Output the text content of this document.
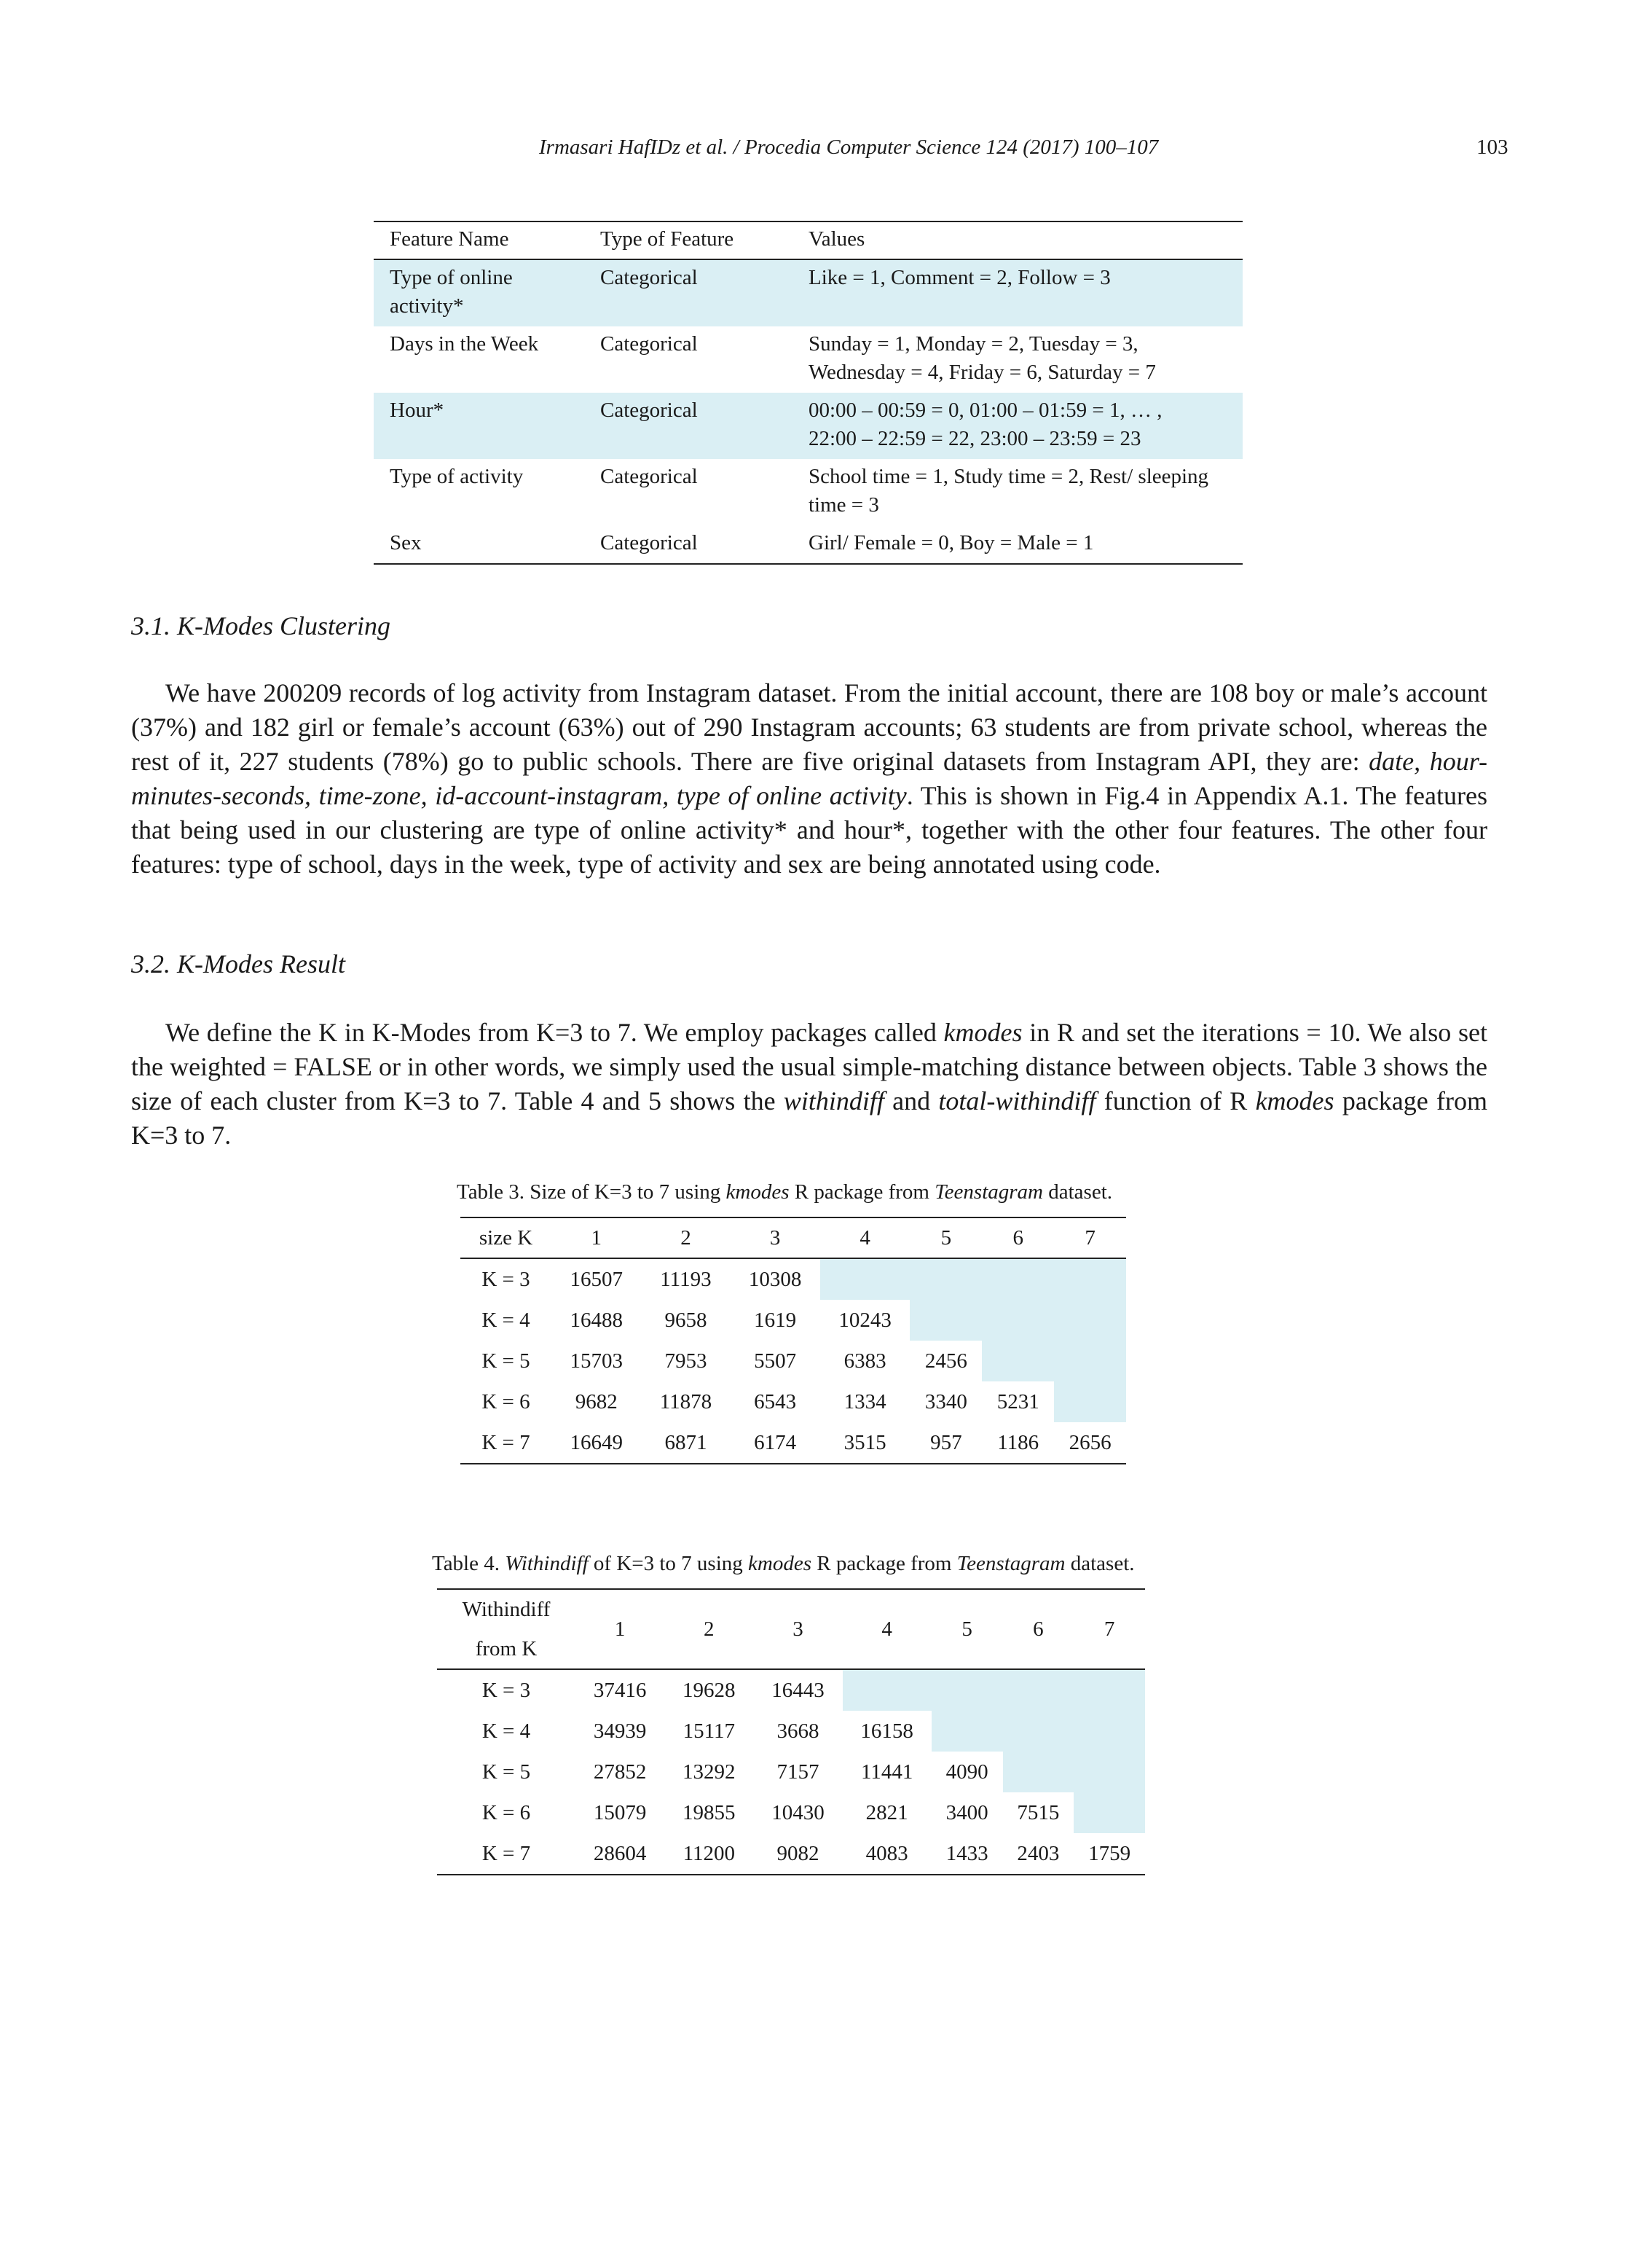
Irmasari HafIDz et al. / Procedia Computer Science 124 (2017) 100–107	103
Feature Name	Type of Feature	Values
Type of online activity*	Categorical	Like = 1, Comment = 2, Follow = 3
Days in the Week	Categorical	Sunday = 1, Monday = 2, Tuesday = 3,
Wednesday = 4, Friday = 6, Saturday = 7
Hour*	Categorical	00:00 – 00:59 = 0, 01:00 – 01:59 = 1, … ,
22:00 – 22:59 = 22, 23:00 – 23:59 = 23
Type of activity	Categorical	School time = 1, Study time = 2, Rest/ sleeping
time = 3
Sex	Categorical	Girl/ Female = 0, Boy = Male = 1
3.1. K-Modes Clustering

We have 200209 records of log activity from Instagram dataset. From the initial account, there are 108 boy or male’s account (37%) and 182 girl or female’s account (63%) out of 290 Instagram accounts; 63 students are from private school, whereas the rest of it, 227 students (78%) go to public schools. There are five original datasets from Instagram API, they are: date, hour-minutes-seconds, time-zone, id-account-instagram, type of online activity. This is shown in Fig.4 in Appendix A.1. The features that being used in our clustering are type of online activity* and hour*, together with the other four features. The other four features: type of school, days in the week, type of activity and sex are being annotated using code.

3.2. K-Modes Result

We define the K in K-Modes from K=3 to 7. We employ packages called kmodes in R and set the iterations = 10. We also set the weighted = FALSE or in other words, we simply used the usual simple-matching distance between objects. Table 3 shows the size of each cluster from K=3 to 7. Table 4 and 5 shows the withindiff and total-withindiff function of R kmodes package from K=3 to 7.

Table 3. Size of K=3 to 7 using kmodes R package from Teenstagram dataset.
size K	1	2	3	4	5	6	7
K = 3	16507	11193	10308				
K = 4	16488	9658	1619	10243			
K = 5	15703	7953	5507	6383	2456		
K = 6	9682	11878	6543	1334	3340	5231	
K = 7	16649	6871	6174	3515	957	1186	2656
Table 4. Withindiff of K=3 to 7 using kmodes R package from Teenstagram dataset.
Withindiff
from K	1	2	3	4	5	6	7
K = 3	37416	19628	16443				
K = 4	34939	15117	3668	16158			
K = 5	27852	13292	7157	11441	4090		
K = 6	15079	19855	10430	2821	3400	7515	
K = 7	28604	11200	9082	4083	1433	2403	1759
